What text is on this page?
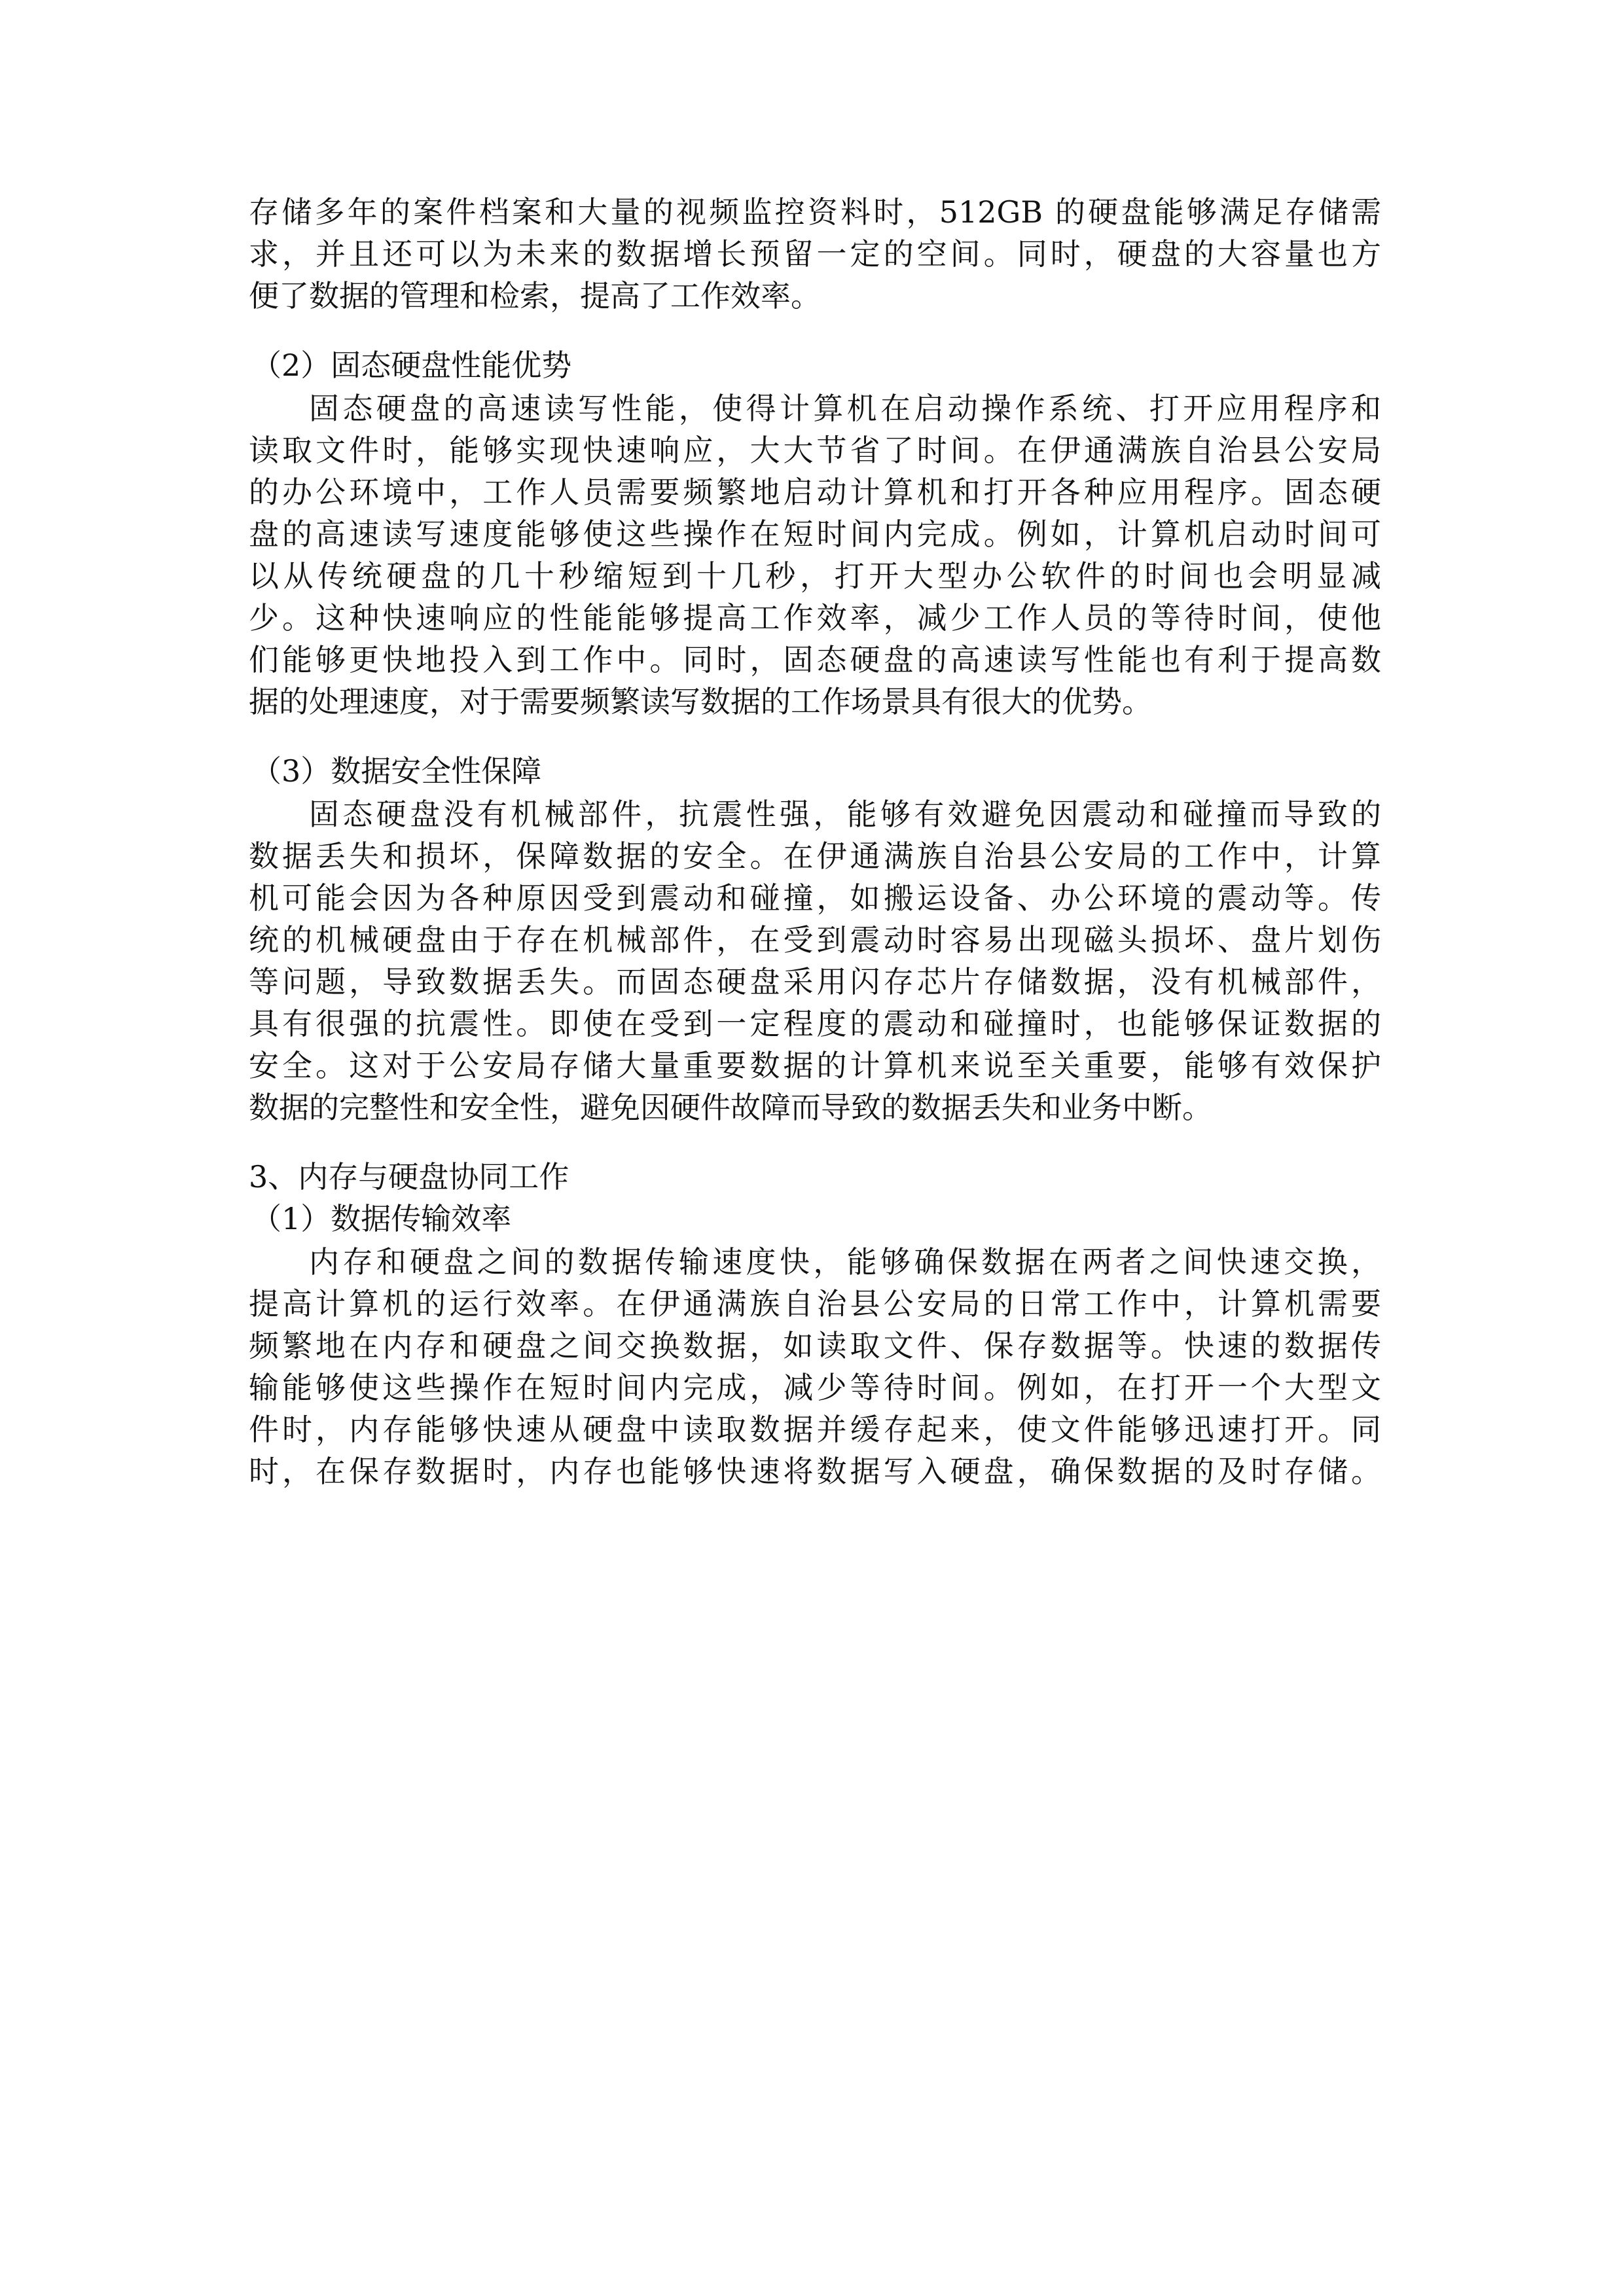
存储多年的案件档案和大量的视频监控资料时，512GB 的硬盘能够满足存储需
求，并且还可以为未来的数据增长预留一定的空间。同时，硬盘的大容量也方
便了数据的管理和检索，提高了工作效率。
（2）固态硬盘性能优势
固态硬盘的高速读写性能，使得计算机在启动操作系统、打开应用程序和
读取文件时，能够实现快速响应，大大节省了时间。在伊通满族自治县公安局
的办公环境中，工作人员需要频繁地启动计算机和打开各种应用程序。固态硬
盘的高速读写速度能够使这些操作在短时间内完成。例如，计算机启动时间可
以从传统硬盘的几十秒缩短到十几秒，打开大型办公软件的时间也会明显减
少。这种快速响应的性能能够提高工作效率，减少工作人员的等待时间，使他
们能够更快地投入到工作中。同时，固态硬盘的高速读写性能也有利于提高数
据的处理速度，对于需要频繁读写数据的工作场景具有很大的优势。
（3）数据安全性保障
固态硬盘没有机械部件，抗震性强，能够有效避免因震动和碰撞而导致的
数据丢失和损坏，保障数据的安全。在伊通满族自治县公安局的工作中，计算
机可能会因为各种原因受到震动和碰撞，如搬运设备、办公环境的震动等。传
统的机械硬盘由于存在机械部件，在受到震动时容易出现磁头损坏、盘片划伤
等问题，导致数据丢失。而固态硬盘采用闪存芯片存储数据，没有机械部件，
具有很强的抗震性。即使在受到一定程度的震动和碰撞时，也能够保证数据的
安全。这对于公安局存储大量重要数据的计算机来说至关重要，能够有效保护
数据的完整性和安全性，避免因硬件故障而导致的数据丢失和业务中断。
3、内存与硬盘协同工作
（1）数据传输效率
内存和硬盘之间的数据传输速度快，能够确保数据在两者之间快速交换，
提高计算机的运行效率。在伊通满族自治县公安局的日常工作中，计算机需要
频繁地在内存和硬盘之间交换数据，如读取文件、保存数据等。快速的数据传
输能够使这些操作在短时间内完成，减少等待时间。例如，在打开一个大型文
件时，内存能够快速从硬盘中读取数据并缓存起来，使文件能够迅速打开。同
时，在保存数据时，内存也能够快速将数据写入硬盘，确保数据的及时存储。
